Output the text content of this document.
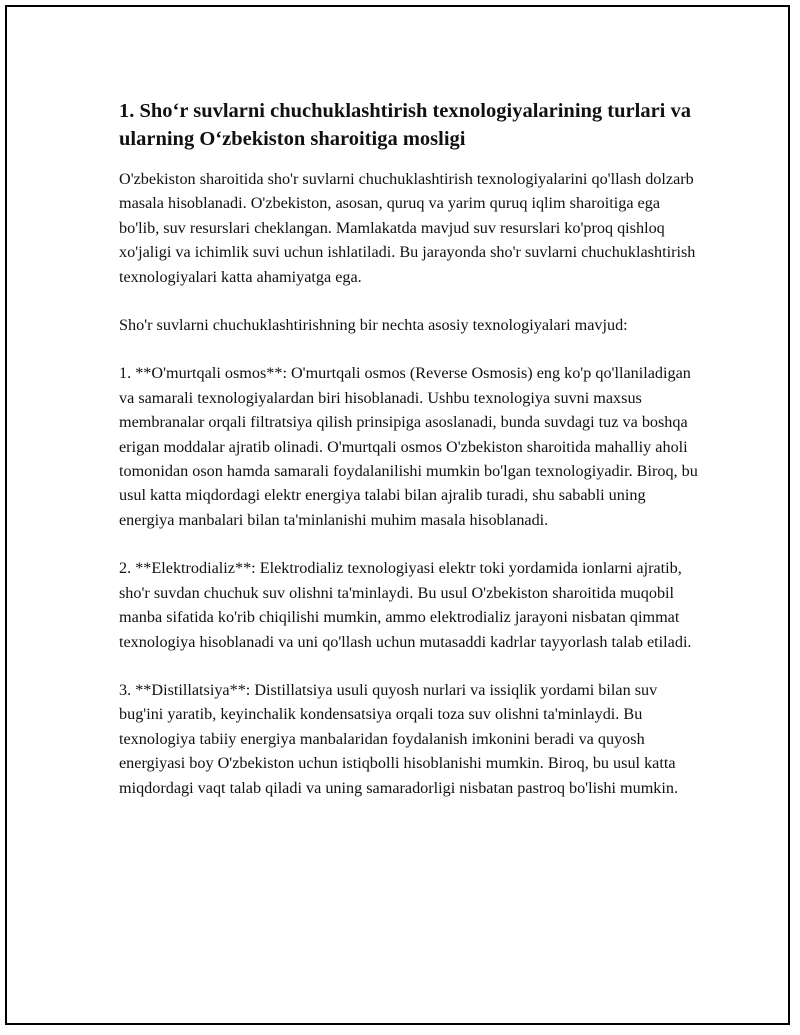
1. Sho‘r suvlarni chuchuklashtirish texnologiyalarining turlari va ularning O‘zbekiston sharoitiga mosligi

O'zbekiston sharoitida sho'r suvlarni chuchuklashtirish texnologiyalarini qo'llash dolzarb masala hisoblanadi. O'zbekiston, asosan, quruq va yarim quruq iqlim sharoitiga ega bo'lib, suv resurslari cheklangan. Mamlakatda mavjud suv resurslari ko'proq qishloq xo'jaligi va ichimlik suvi uchun ishlatiladi. Bu jarayonda sho'r suvlarni chuchuklashtirish texnologiyalari katta ahamiyatga ega.

Sho'r suvlarni chuchuklashtirishning bir nechta asosiy texnologiyalari mavjud:

1. **O'murtqali osmos**: O'murtqali osmos (Reverse Osmosis) eng ko'p qo'llaniladigan va samarali texnologiyalardan biri hisoblanadi. Ushbu texnologiya suvni maxsus membranalar orqali filtratsiya qilish prinsipiga asoslanadi, bunda suvdagi tuz va boshqa erigan moddalar ajratib olinadi. O'murtqali osmos O'zbekiston sharoitida mahalliy aholi tomonidan oson hamda samarali foydalanilishi mumkin bo'lgan texnologiyadir. Biroq, bu usul katta miqdordagi elektr energiya talabi bilan ajralib turadi, shu sababli uning energiya manbalari bilan ta'minlanishi muhim masala hisoblanadi.

2. **Elektrodializ**: Elektrodializ texnologiyasi elektr toki yordamida ionlarni ajratib, sho'r suvdan chuchuk suv olishni ta'minlaydi. Bu usul O'zbekiston sharoitida muqobil manba sifatida ko'rib chiqilishi mumkin, ammo elektrodializ jarayoni nisbatan qimmat texnologiya hisoblanadi va uni qo'llash uchun mutasaddi kadrlar tayyorlash talab etiladi.

3. **Distillatsiya**: Distillatsiya usuli quyosh nurlari va issiqlik yordami bilan suv bug'ini yaratib, keyinchalik kondensatsiya orqali toza suv olishni ta'minlaydi. Bu texnologiya tabiiy energiya manbalaridan foydalanish imkonini beradi va quyosh energiyasi boy O'zbekiston uchun istiqbolli hisoblanishi mumkin. Biroq, bu usul katta miqdordagi vaqt talab qiladi va uning samaradorligi nisbatan pastroq bo'lishi mumkin.
